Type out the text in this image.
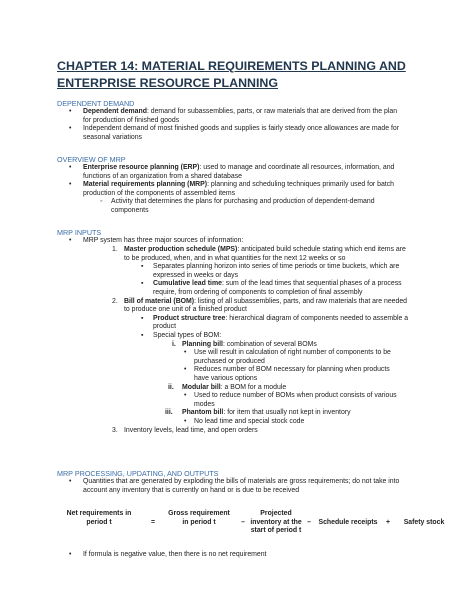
CHAPTER 14: MATERIAL REQUIREMENTS PLANNING AND ENTERPRISE RESOURCE PLANNING
DEPENDENT DEMAND
• Dependent demand: demand for subassemblies, parts, or raw materials that are derived from the plan

for production of finished goods

• Independent demand of most finished goods and supplies is fairly steady once allowances are made for

seasonal variations

OVERVIEW OF MRP
• Enterprise resource planning (ERP): used to manage and coordinate all resources, information, and

functions of an organization from a shared database

• Material requirements planning (MRP): planning and scheduling techniques primarily used for batch

production of the components of assembled items

◦ Activity that determines the plans for purchasing and production of dependent-demand

components

MRP INPUTS
• MRP system has three major sources of information:

1. Master production schedule (MPS): anticipated build schedule stating which end items are

to be produced, when, and in what quantities for the next 12 weeks or so

▪ Separates planning horizon into series of time periods or time buckets, which are

expressed in weeks or days

▪ Cumulative lead time: sum of the lead times that sequential phases of a process

require, from ordering of components to completion of final assembly

2. Bill of material (BOM): listing of all subassemblies, parts, and raw materials that are needed

to produce one unit of a finished product

▪ Product structure tree: hierarchical diagram of components needed to assemble a

product

▪ Special types of BOM:

i. Planning bill: combination of several BOMs

• Use will result in calculation of right number of components to be

purchased or produced

• Reduces number of BOM necessary for planning when products

have various options

ii. Modular bill: a BOM for a module

• Used to reduce number of BOMs when product consists of various

modes

iii. Phantom bill: for item that usually not kept in inventory

• No lead time and special stock code

3. Inventory levels, lead time, and open orders

MRP PROCESSING, UPDATING, AND OUTPUTS
• Quantities that are generated by exploding the bills of materials are gross requirements; do not take into

account any inventory that is currently on hand or is due to be received

Net requirements in
period t	=
Gross requirement
in period t	–
Projected
inventory at the
start of period t
–	Schedule receipts	+	Safety stock
• If formula is negative value, then there is no net requirement
